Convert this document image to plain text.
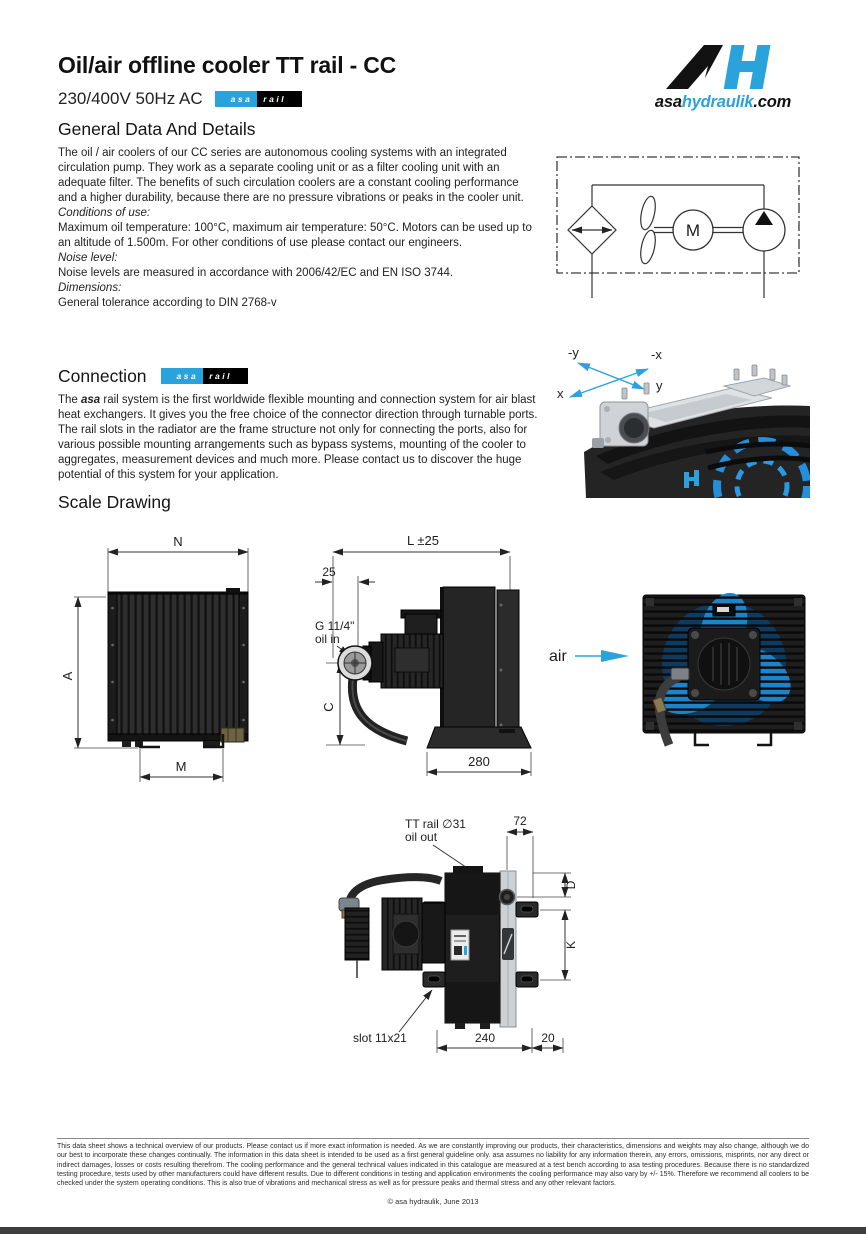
Oil/air offline cooler TT rail - CC
230/400V 50Hz AC	asa	rail	asahydraulik.com
General Data And Details

The oil / air coolers of our CC series are autonomous cooling systems with an integrated circulation pump. They work as a separate cooling unit or as a filter cooling unit with an adequate filter. The benefits of such circulation coolers are a constant cooling performance and a higher durability, because there are no pressure vibrations or peaks in the cooler unit.

Conditions of use:

Maximum oil temperature: 100°C, maximum air temperature: 50°C. Motors can be used up to an altitude of 1.500m. For other conditions of use please contact our engineers.

Noise level:

Noise levels are measured in accordance with 2006/42/EC and EN ISO 3744.

Dimensions:

General tolerance according to DIN 2768-v

M
Connection	asa	rail

The asa rail system is the first worldwide flexible mounting and connection system for air blast heat exchangers. It gives you the free choice of the connector direction through turnable ports. The rail slots in the radiator are the frame structure not only for connecting the ports, also for various possible mounting arrangements such as bypass systems, mounting of the cooler to aggregates, measurement devices and much more. Please contact us to discover the huge potential of this system for your application.

-y	-x
x
y
Scale Drawing
N
A
M
L ±25
25
G 11/4"
oil in
C
280
air
TT rail ∅31
oil out
72
D
K
slot 11x21	240	20
This data sheet shows a technical overview of our products. Please contact us if more exact information is needed. As we are constantly improving our products, their characteristics, dimensions and weights may also change, although we do our best to incorporate these changes continually. The information in this data sheet is intended to be used as a first general guideline only. asa assumes no liability for any information therein, any errors, omissions, misprints, nor any direct or indirect damages, losses or costs resulting therefrom. The cooling performance and the general technical values indicated in this catalogue are measured at a test bench according to asa testing procedures. Because there is no standardized testing procedure, tests used by other manufacturers could have different results. Due to different conditions in testing and application environments the cooling performance may also vary by +/- 15%. Therefore we recommend all coolers to be checked under the system operating conditions. This is also true of vibrations and mechanical stress as well as for pressure peaks and thermal stress and any other relevant factors.
© asa hydraulik, June 2013
